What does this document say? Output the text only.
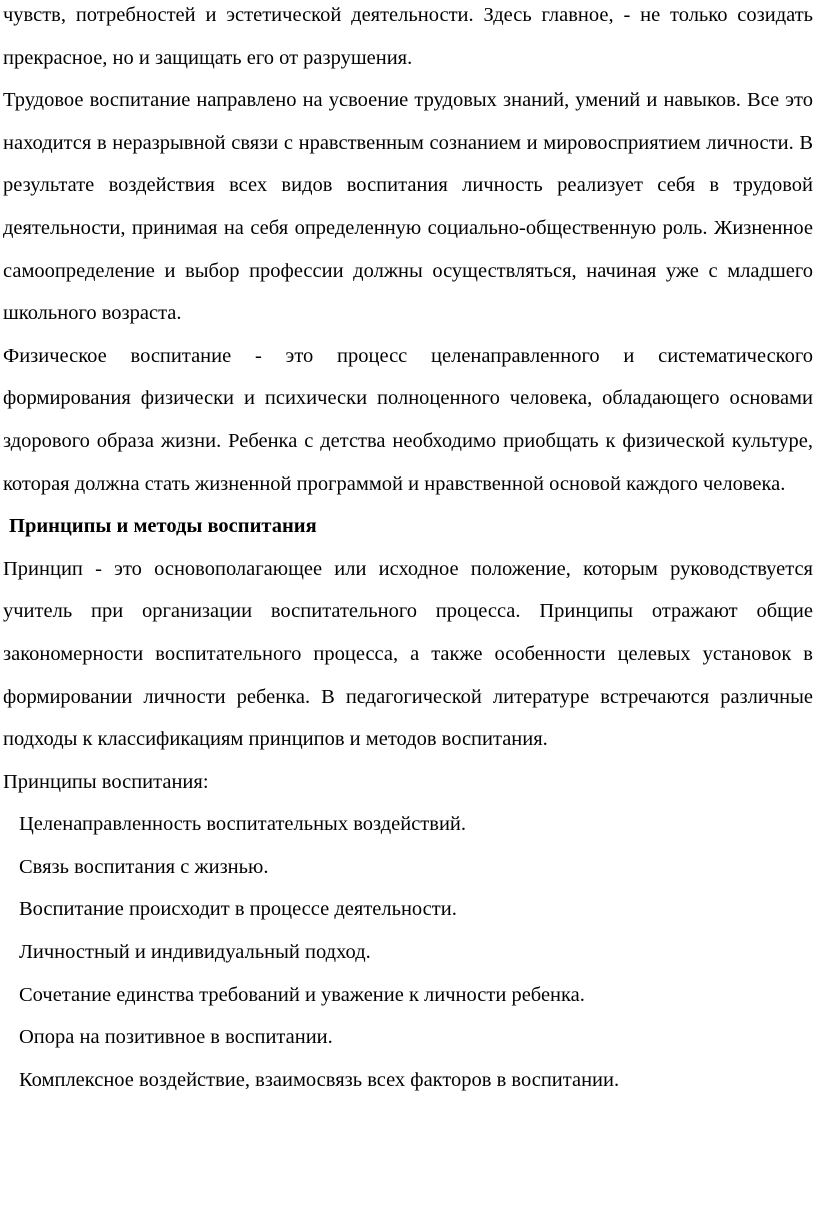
чувств, потребностей и эстетической деятельности. Здесь главное, - не только созидать прекрасное, но и защищать его от разрушения.

Трудовое воспитание направлено на усвоение трудовых знаний, умений и навыков. Все это находится в неразрывной связи с нравственным сознанием и мировосприятием личности. В результате воздействия всех видов воспитания личность реализует себя в трудовой деятельности, принимая на себя определенную социально-общественную роль. Жизненное самоопределение и выбор профессии должны осуществляться, начиная уже с младшего школьного возраста.

Физическое воспитание - это процесс целенаправленного и систематического формирования физически и психически полноценного человека, обладающего основами здорового образа жизни. Ребенка с детства необходимо приобщать к физической культуре, которая должна стать жизненной программой и нравственной основой каждого человека.

Принципы и методы воспитания

Принцип - это основополагающее или исходное положение, которым руководствуется учитель при организации воспитательного процесса. Принципы отражают общие закономерности воспитательного процесса, а также особенности целевых установок в формировании личности ребенка. В педагогической литературе встречаются различные подходы к классификациям принципов и методов воспитания.

Принципы воспитания:

Целенаправленность воспитательных воздействий.
Связь воспитания с жизнью.
Воспитание происходит в процессе деятельности.
Личностный и индивидуальный подход.
Сочетание единства требований и уважение к личности ребенка.
Опора на позитивное в воспитании.
Комплексное воздействие, взаимосвязь всех факторов в воспитании.
